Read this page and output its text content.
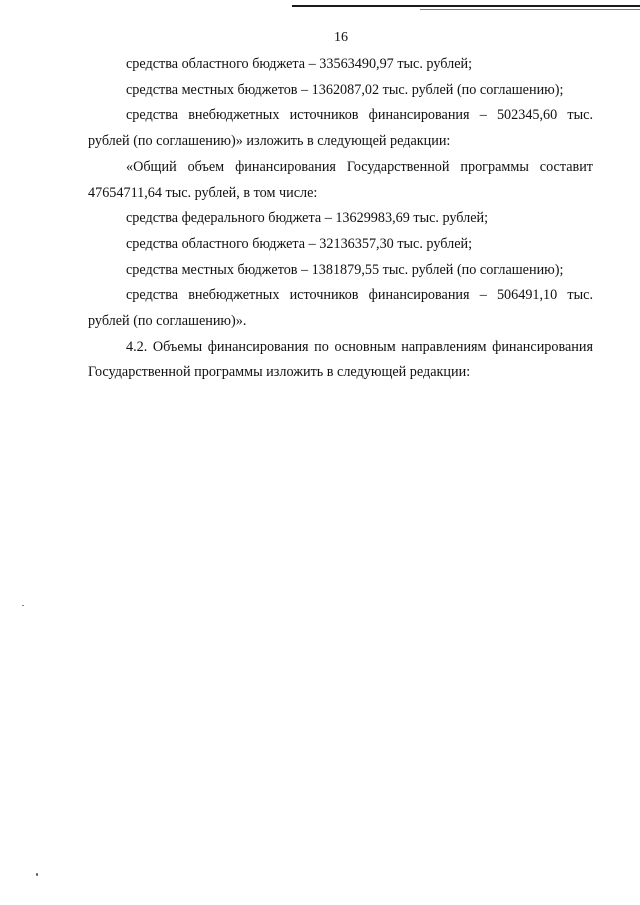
16

средства областного бюджета – 33563490,97 тыс. рублей;

средства местных бюджетов – 1362087,02 тыс. рублей (по соглашению);

средства внебюджетных источников финансирования – 502345,60 тыс. рублей (по соглашению)» изложить в следующей редакции:

«Общий объем финансирования Государственной программы составит 47654711,64 тыс. рублей, в том числе:

средства федерального бюджета – 13629983,69 тыс. рублей;

средства областного бюджета – 32136357,30 тыс. рублей;

средства местных бюджетов – 1381879,55 тыс. рублей (по соглашению);

средства внебюджетных источников финансирования – 506491,10 тыс. рублей (по соглашению)».

4.2. Объемы финансирования по основным направлениям финансирования Государственной программы изложить в следующей редакции:
